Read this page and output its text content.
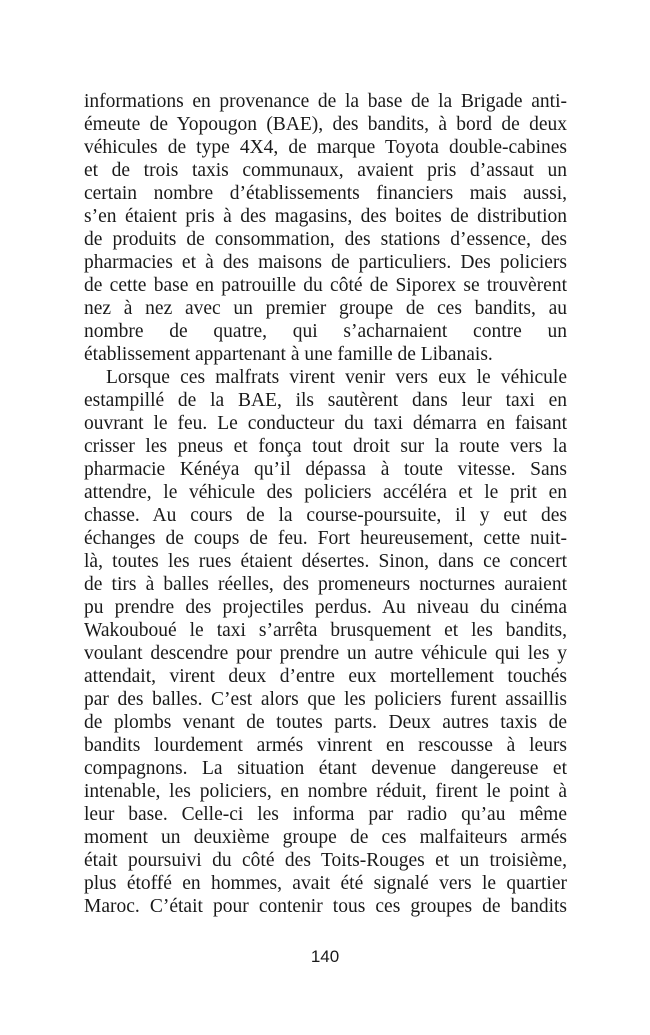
informations en provenance de la base de la Brigade anti-
émeute de Yopougon (BAE), des bandits, à bord de deux
véhicules de type 4X4, de marque Toyota double-cabines
et de trois taxis communaux, avaient pris d’assaut un
certain nombre d’établissements financiers mais aussi,
s’en étaient pris à des magasins, des boites de distribution
de produits de consommation, des stations d’essence, des
pharmacies et à des maisons de particuliers. Des policiers
de cette base en patrouille du côté de Siporex se trouvèrent
nez à nez avec un premier groupe de ces bandits, au
nombre de quatre, qui s’acharnaient contre un
établissement appartenant à une famille de Libanais.
Lorsque ces malfrats virent venir vers eux le véhicule
estampillé de la BAE, ils sautèrent dans leur taxi en
ouvrant le feu. Le conducteur du taxi démarra en faisant
crisser les pneus et fonça tout droit sur la route vers la
pharmacie Kénéya qu’il dépassa à toute vitesse. Sans
attendre, le véhicule des policiers accéléra et le prit en
chasse. Au cours de la course-poursuite, il y eut des
échanges de coups de feu. Fort heureusement, cette nuit-
là, toutes les rues étaient désertes. Sinon, dans ce concert
de tirs à balles réelles, des promeneurs nocturnes auraient
pu prendre des projectiles perdus. Au niveau du cinéma
Wakouboué le taxi s’arrêta brusquement et les bandits,
voulant descendre pour prendre un autre véhicule qui les y
attendait, virent deux d’entre eux mortellement touchés
par des balles. C’est alors que les policiers furent assaillis
de plombs venant de toutes parts. Deux autres taxis de
bandits lourdement armés vinrent en rescousse à leurs
compagnons. La situation étant devenue dangereuse et
intenable, les policiers, en nombre réduit, firent le point à
leur base. Celle-ci les informa par radio qu’au même
moment un deuxième groupe de ces malfaiteurs armés
était poursuivi du côté des Toits-Rouges et un troisième,
plus étoffé en hommes, avait été signalé vers le quartier
Maroc. C’était pour contenir tous ces groupes de bandits
140
